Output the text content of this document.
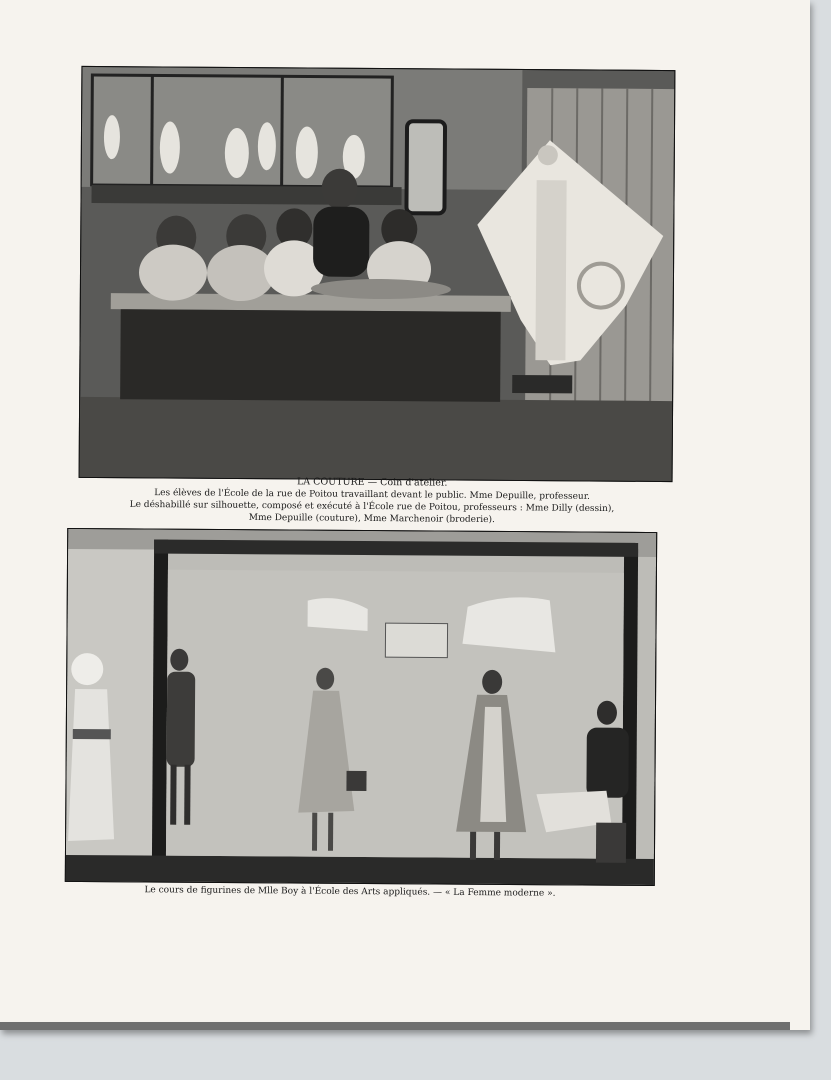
LA COUTURE — Coin d'atelier.
Les élèves de l'École de la rue de Poitou travaillant devant le public. Mme Depuille, professeur.
Le déshabillé sur silhouette, composé et exécuté à l'École rue de Poitou, professeurs : Mme Dilly (dessin),
Mme Depuille (couture), Mme Marchenoir (broderie).
Le cours de figurines de Mlle Boy à l'École des Arts appliqués. — « La Femme moderne ».
